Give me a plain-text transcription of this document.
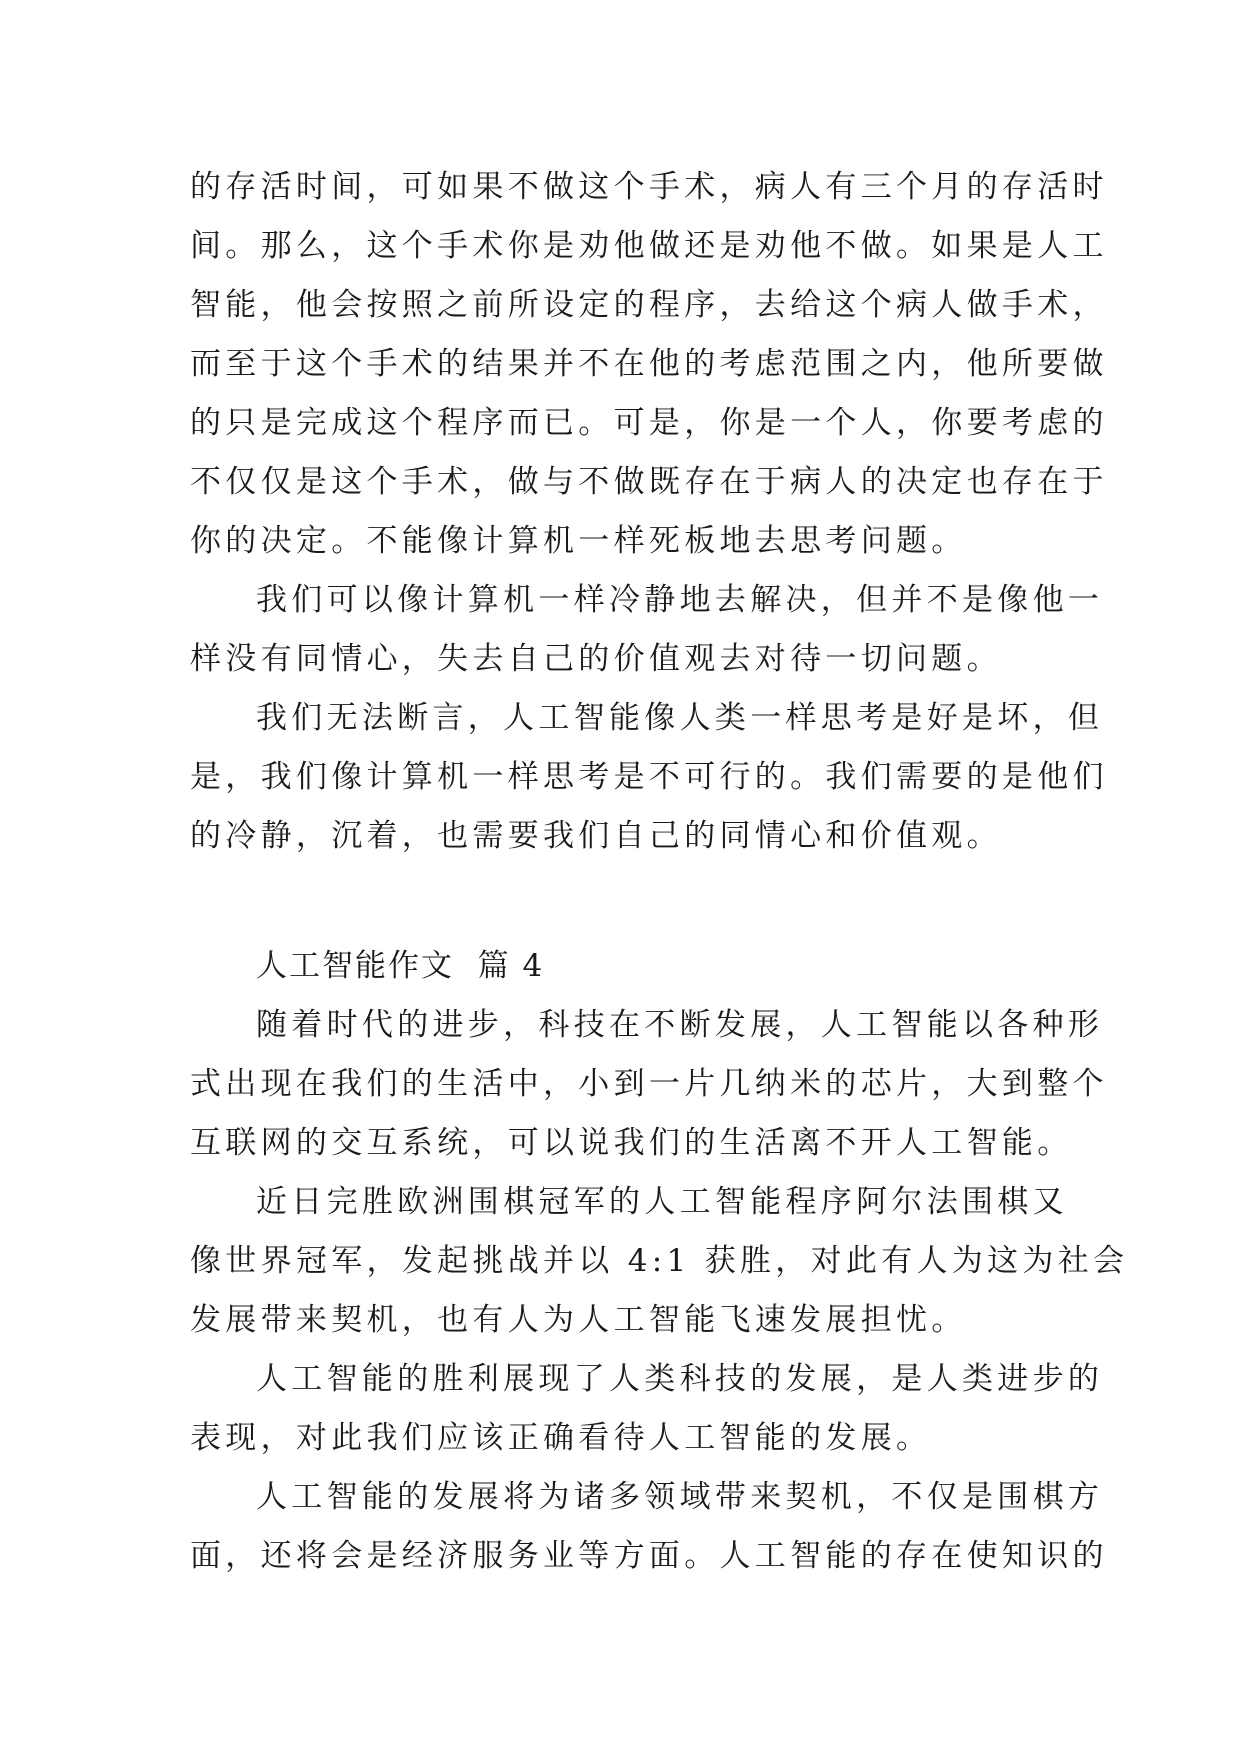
的存活时间，可如果不做这个手术，病人有三个月的存活时
间。那么，这个手术你是劝他做还是劝他不做。如果是人工
智能，他会按照之前所设定的程序，去给这个病人做手术，
而至于这个手术的结果并不在他的考虑范围之内，他所要做
的只是完成这个程序而已。可是，你是一个人，你要考虑的
不仅仅是这个手术，做与不做既存在于病人的决定也存在于
你的决定。不能像计算机一样死板地去思考问题。
我们可以像计算机一样冷静地去解决，但并不是像他一
样没有同情心，失去自己的价值观去对待一切问题。
我们无法断言，人工智能像人类一样思考是好是坏，但
是，我们像计算机一样思考是不可行的。我们需要的是他们
的冷静，沉着，也需要我们自己的同情心和价值观。
人工智能作文  篇 4
随着时代的进步，科技在不断发展，人工智能以各种形
式出现在我们的生活中，小到一片几纳米的芯片，大到整个
互联网的交互系统，可以说我们的生活离不开人工智能。
近日完胜欧洲围棋冠军的人工智能程序阿尔法围棋又
像世界冠军，发起挑战并以 4:1 获胜，对此有人为这为社会
发展带来契机，也有人为人工智能飞速发展担忧。
人工智能的胜利展现了人类科技的发展，是人类进步的
表现，对此我们应该正确看待人工智能的发展。
人工智能的发展将为诸多领域带来契机，不仅是围棋方
面，还将会是经济服务业等方面。人工智能的存在使知识的
